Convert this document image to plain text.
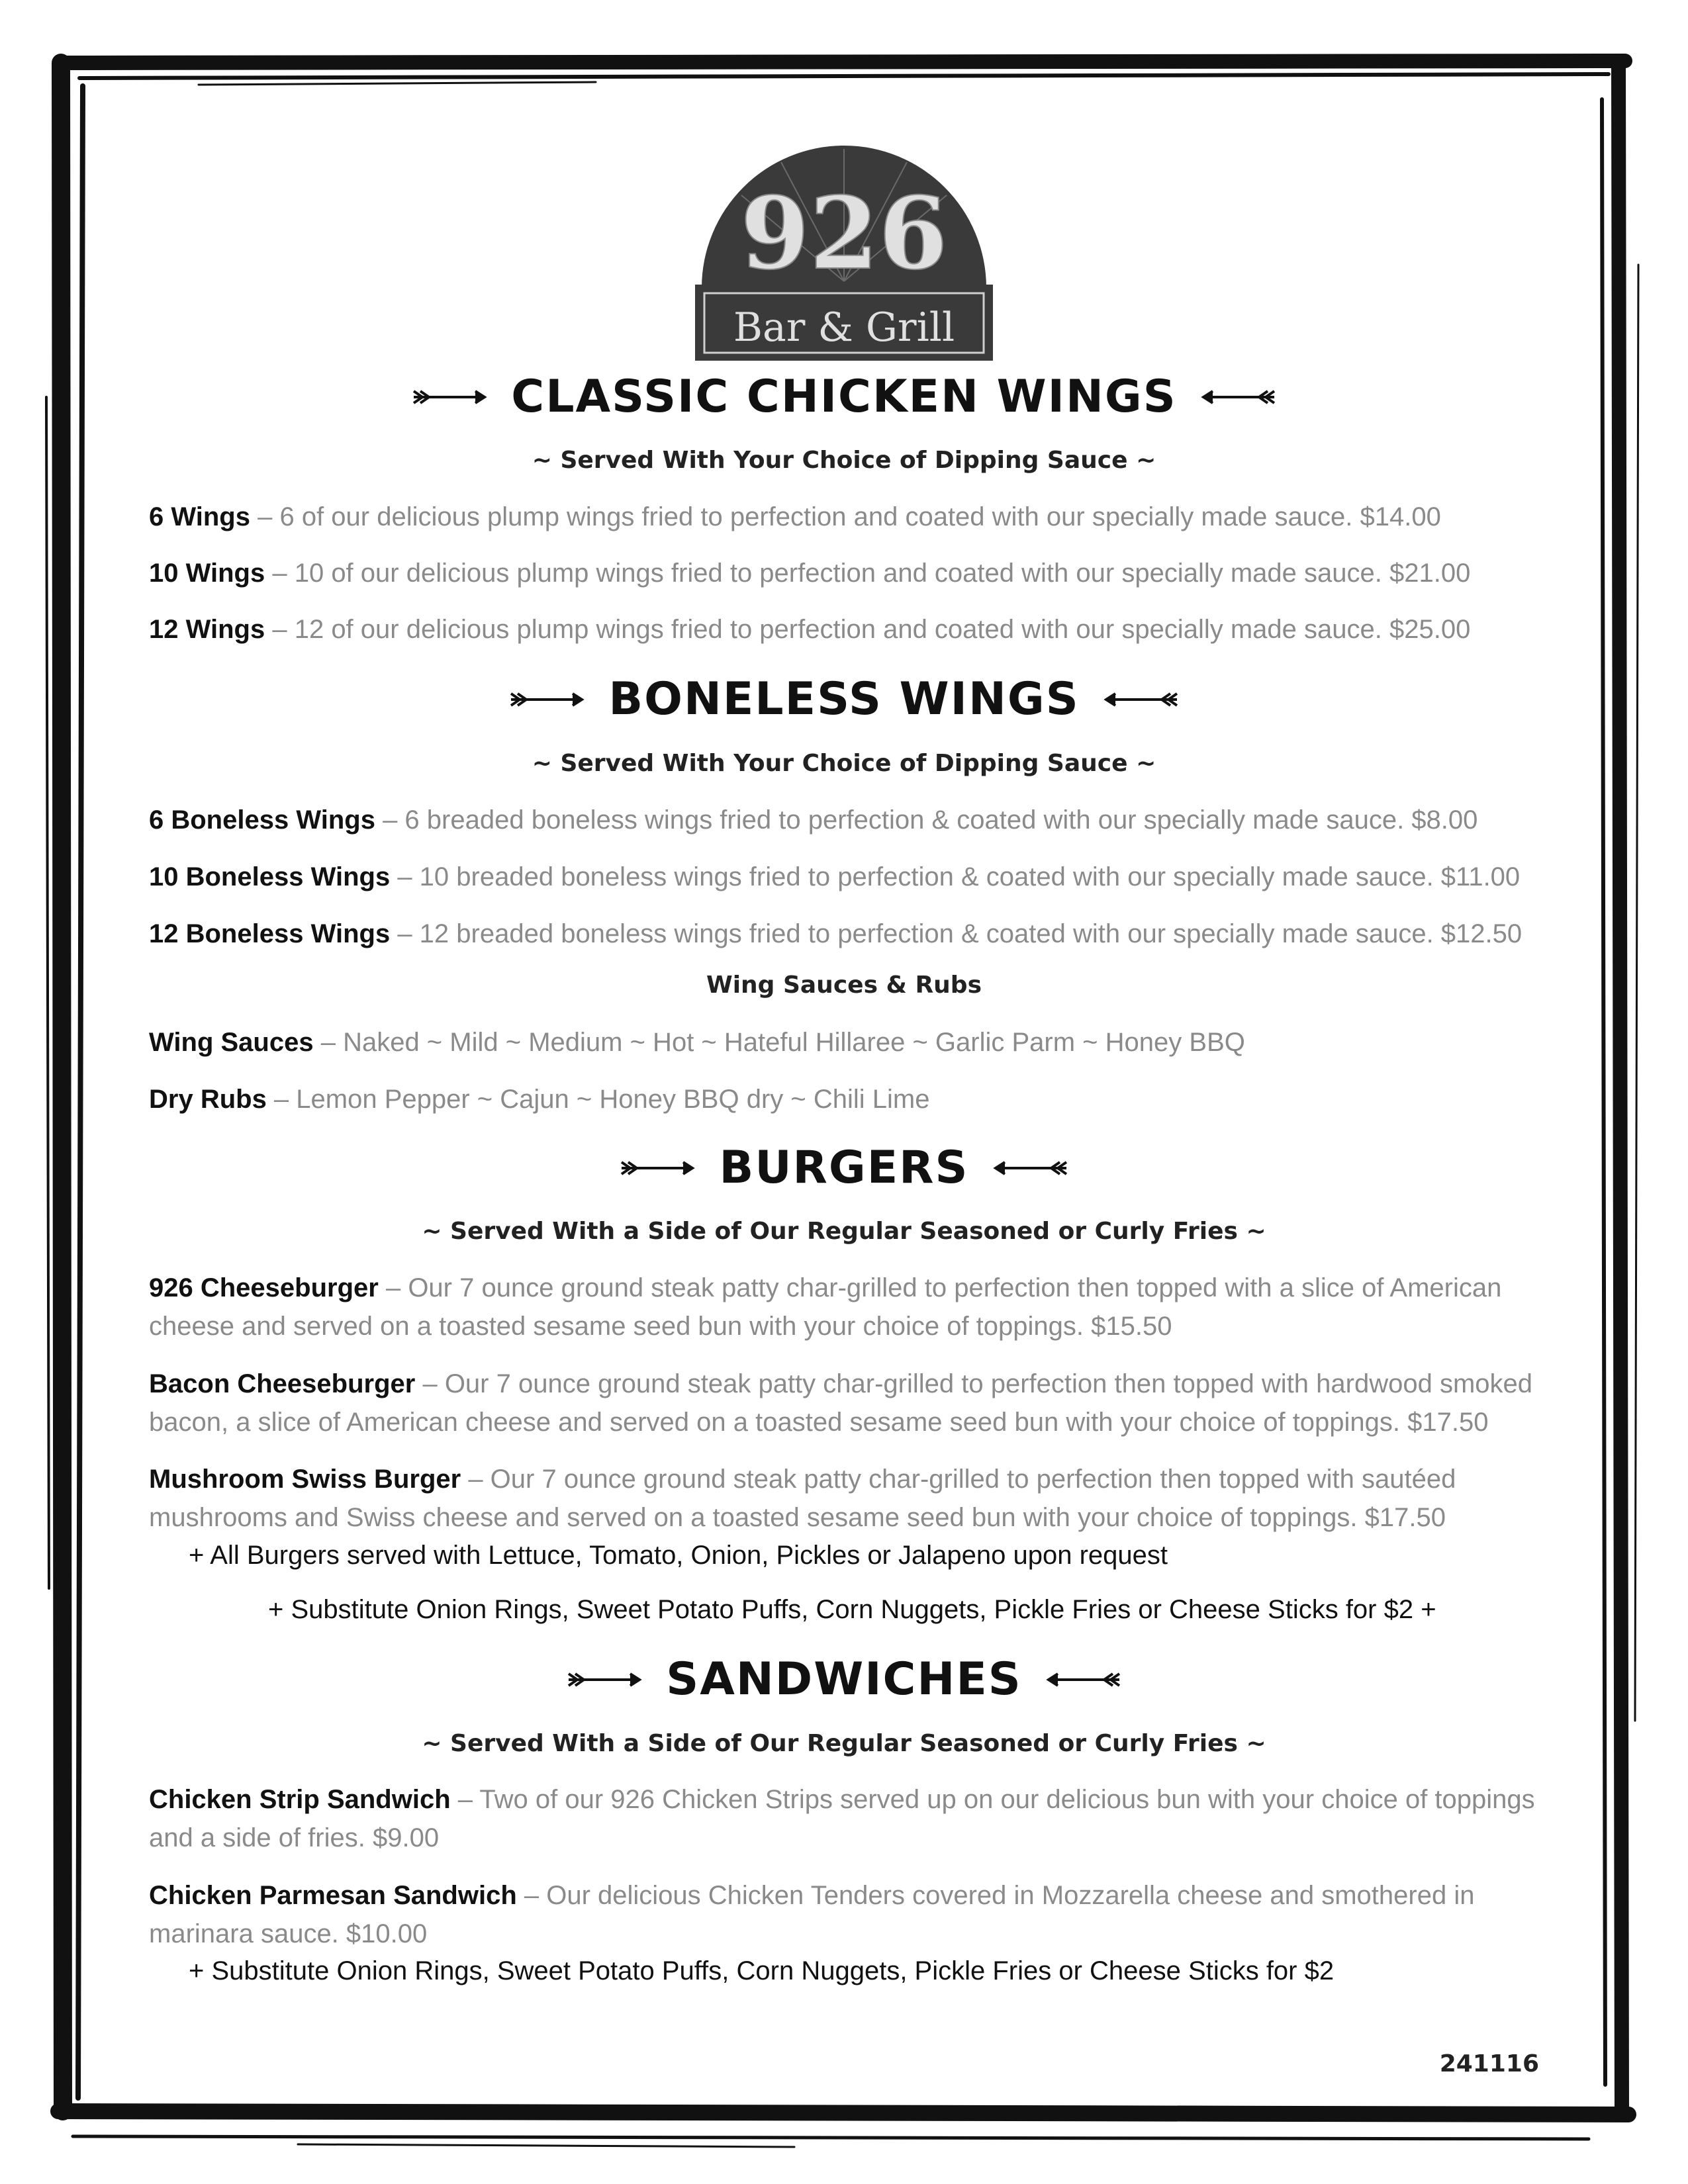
926
Bar & Grill
CLASSIC CHICKEN WINGS
~ Served With Your Choice of Dipping Sauce ~
6 Wings – 6 of our delicious plump wings fried to perfection and coated with our specially made sauce. $14.00
10 Wings – 10 of our delicious plump wings fried to perfection and coated with our specially made sauce. $21.00
12 Wings – 12 of our delicious plump wings fried to perfection and coated with our specially made sauce. $25.00
BONELESS WINGS
~ Served With Your Choice of Dipping Sauce ~
6 Boneless Wings – 6 breaded boneless wings fried to perfection & coated with our specially made sauce. $8.00
10 Boneless Wings – 10 breaded boneless wings fried to perfection & coated with our specially made sauce. $11.00
12 Boneless Wings – 12 breaded boneless wings fried to perfection & coated with our specially made sauce. $12.50
Wing Sauces & Rubs
Wing Sauces – Naked ~ Mild ~ Medium ~ Hot ~ Hateful Hillaree ~ Garlic Parm ~ Honey BBQ
Dry Rubs – Lemon Pepper ~ Cajun ~ Honey BBQ dry ~ Chili Lime
BURGERS
~ Served With a Side of Our Regular Seasoned or Curly Fries ~
926 Cheeseburger – Our 7 ounce ground steak patty char-grilled to perfection then topped with a slice of American cheese and served on a toasted sesame seed bun with your choice of toppings. $15.50
Bacon Cheeseburger – Our 7 ounce ground steak patty char-grilled to perfection then topped with hardwood smoked bacon, a slice of American cheese and served on a toasted sesame seed bun with your choice of toppings. $17.50
Mushroom Swiss Burger – Our 7 ounce ground steak patty char-grilled to perfection then topped with sautéed mushrooms and Swiss cheese and served on a toasted sesame seed bun with your choice of toppings. $17.50
+ All Burgers served with Lettuce, Tomato, Onion, Pickles or Jalapeno upon request
+ Substitute Onion Rings, Sweet Potato Puffs, Corn Nuggets, Pickle Fries or Cheese Sticks for $2 +
SANDWICHES
~ Served With a Side of Our Regular Seasoned or Curly Fries ~
Chicken Strip Sandwich – Two of our 926 Chicken Strips served up on our delicious bun with your choice of toppings and a side of fries. $9.00
Chicken Parmesan Sandwich – Our delicious Chicken Tenders covered in Mozzarella cheese and smothered in marinara sauce. $10.00
+ Substitute Onion Rings, Sweet Potato Puffs, Corn Nuggets, Pickle Fries or Cheese Sticks for $2
241116
